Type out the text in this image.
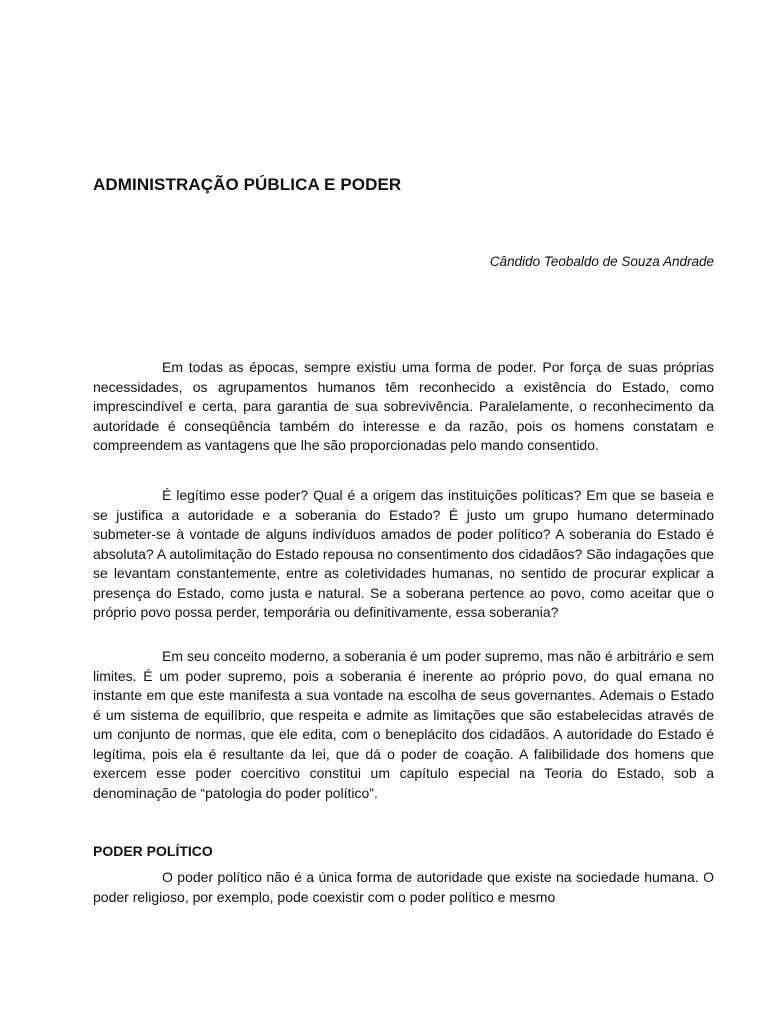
ADMINISTRAÇÃO PÚBLICA E PODER

Cândido Teobaldo de Souza Andrade

Em todas as épocas, sempre existiu uma forma de poder. Por força de suas próprias necessidades, os agrupamentos humanos têm reconhecido a existência do Estado, como imprescindível e certa, para garantia de sua sobrevivência. Paralelamente, o reconhecimento da autoridade é conseqüência também do interesse e da razão, pois os homens constatam e compreendem as vantagens que lhe são proporcionadas pelo mando consentido.

É legítimo esse poder? Qual é a origem das instituições políticas? Em que se baseia e se justifica a autoridade e a soberania do Estado? É justo um grupo humano determinado submeter-se à vontade de alguns indivíduos amados de poder político? A soberania do Estado é absoluta? A autolimitação do Estado repousa no consentimento dos cidadãos? São indagações que se levantam constantemente, entre as coletividades humanas, no sentido de procurar explicar a presença do Estado, como justa e natural. Se a soberana pertence ao povo, como aceitar que o próprio povo possa perder, temporária ou definitivamente, essa soberania?

Em seu conceito moderno, a soberania é um poder supremo, mas não é arbitrário e sem limites. É um poder supremo, pois a soberania é inerente ao próprio povo, do qual emana no instante em que este manifesta a sua vontade na escolha de seus governantes. Ademais o Estado é um sistema de equilíbrio, que respeita e admite as limitações que são estabelecidas através de um conjunto de normas, que ele edita, com o beneplácito dos cidadãos. A autoridade do Estado é legítima, pois ela é resultante da lei, que dá o poder de coação. A falibilidade dos homens que exercem esse poder coercitivo constitui um capítulo especial na Teoria do Estado, sob a denominação de “patologia do poder político”.

PODER POLÍTICO

O poder político não é a única forma de autoridade que existe na sociedade humana. O poder religioso, por exemplo, pode coexistir com o poder político e mesmo
